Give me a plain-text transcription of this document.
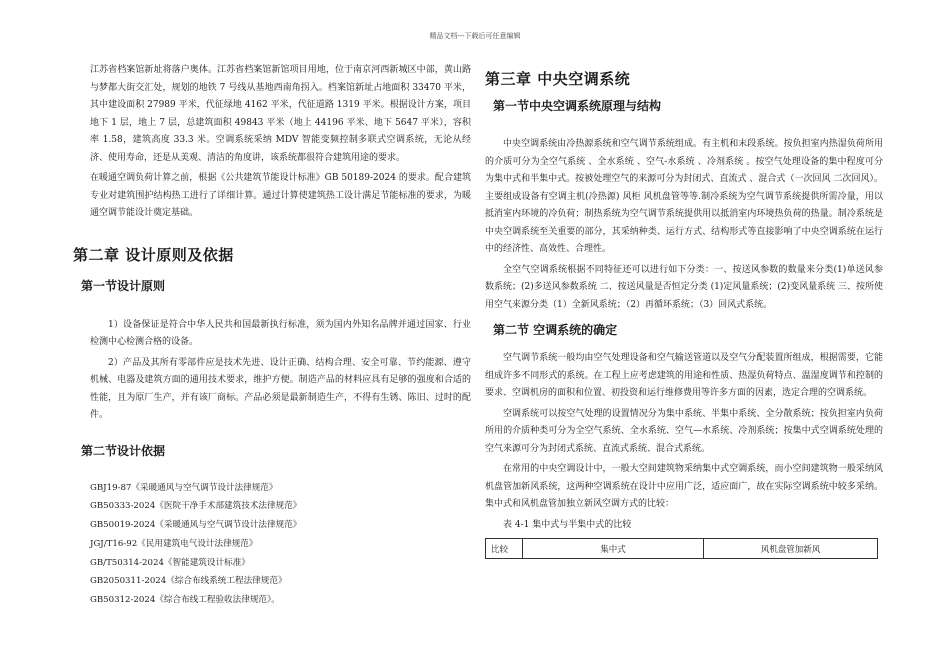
精品文档---下载后可任意编辑

江苏省档案馆新址将落户奥体。江苏省档案馆新馆项目用地，位于南京河西新城区中部，黄山路与梦都大街交汇处，规划的地铁 7 号线从基地西南角拐入。档案馆新址占地面积 33470 平米，其中建设面积 27989 平米，代征绿地 4162 平米，代征道路 1319 平米。根据设计方案，项目地下 1 层，地上 7 层，总建筑面积 49843 平米（地上 44196 平米、地下 5647 平米），容积率 1.58，建筑高度 33.3 米。空调系统采纳 MDV 智能变频控制多联式空调系统，无论从经济、使用寿命，还是从美观、清洁的角度讲，该系统都很符合建筑用途的要求。

在暖通空调负荷计算之前，根据《公共建筑节能设计标准》GB 50189-2024 的要求。配合建筑专业对建筑围护结构热工进行了详细计算。通过计算使建筑热工设计满足节能标准的要求，为暖通空调节能设计奠定基础。

第二章 设计原则及依据
第一节设计原则

1）设备保证是符合中华人民共和国最新执行标准，须为国内外知名品牌并通过国家、行业检测中心检测合格的设备。

2）产品及其所有零部件应是技术先进、设计正确、结构合理、安全可靠、节约能源、遵守机械、电器及建筑方面的通用技术要求，维护方便。制造产品的材料应具有足够的强度和合适的性能，且为原厂生产，并有该厂商标。产品必须是最新制造生产，不得有生锈、陈旧、过时的配件。

第二节设计依据

GBJ19-87《采暖通风与空气调节设计法律规范》

GB50333-2024《医院干净手术部建筑技术法律规范》

GB50019-2024《采暖通风与空气调节设计法律规范》

JGJ/T16-92《民用建筑电气设计法律规范》

GB/T50314-2024《智能建筑设计标准》

GB2050311-2024《综合布线系统工程法律规范》

GB50312-2024《综合布线工程验收法律规范》。

第三章 中央空调系统
第一节中央空调系统原理与结构

中央空调系统由冷热源系统和空气调节系统组成。有主机和末段系统。按负担室内热湿负荷所用的介质可分为全空气系统 、全水系统 、空气-水系统 、冷剂系统 。按空气处理设备的集中程度可分为集中式和半集中式。按被处理空气的来源可分为封闭式、直流式 、混合式（一次回风 二次回风）。主要组成设备有空调主机(冷热源) 风柜 风机盘管等等.制冷系统为空气调节系统提供所需冷量，用以抵消室内环境的冷负荷；制热系统为空气调节系统提供用以抵消室内环境热负荷的热量。制冷系统是中央空调系统至关重要的部分，其采纳种类、运行方式、结构形式等直接影响了中央空调系统在运行中的经济性、高效性、合理性。

全空气空调系统根据不同特征还可以进行如下分类：一、按送风参数的数量来分类(1)单送风参数系统；(2)多送风参数系统 二、按送风量是否恒定分类 (1)定风量系统；(2)变风量系统 三、按所使用空气来源分类（1）全新风系统；（2）再循环系统；（3）回风式系统。

第二节 空调系统的确定

空气调节系统一般均由空气处理设备和空气输送管道以及空气分配装置所组成，根据需要，它能组成许多不同形式的系统。在工程上应考虑建筑的用途和性质、热湿负荷特点、温湿度调节和控制的要求、空调机房的面积和位置、初投资和运行维修费用等许多方面的因素，选定合理的空调系统。

空调系统可以按空气处理的设置情况分为集中系统、半集中系统、全分散系统；按负担室内负荷所用的介质种类可分为全空气系统、全水系统、空气—水系统、冷剂系统；按集中式空调系统处理的空气来源可分为封闭式系统、直流式系统、混合式系统。

在常用的中央空调设计中，一般大空间建筑物采纳集中式空调系统，而小空间建筑物一般采纳风机盘管加新风系统，这两种空调系统在设计中应用广泛，适应面广，故在实际空调系统中较多采纳。集中式和风机盘管加独立新风空调方式的比较：

表 4-1 集中式与半集中式的比较

比较	集中式	风机盘管加新风
